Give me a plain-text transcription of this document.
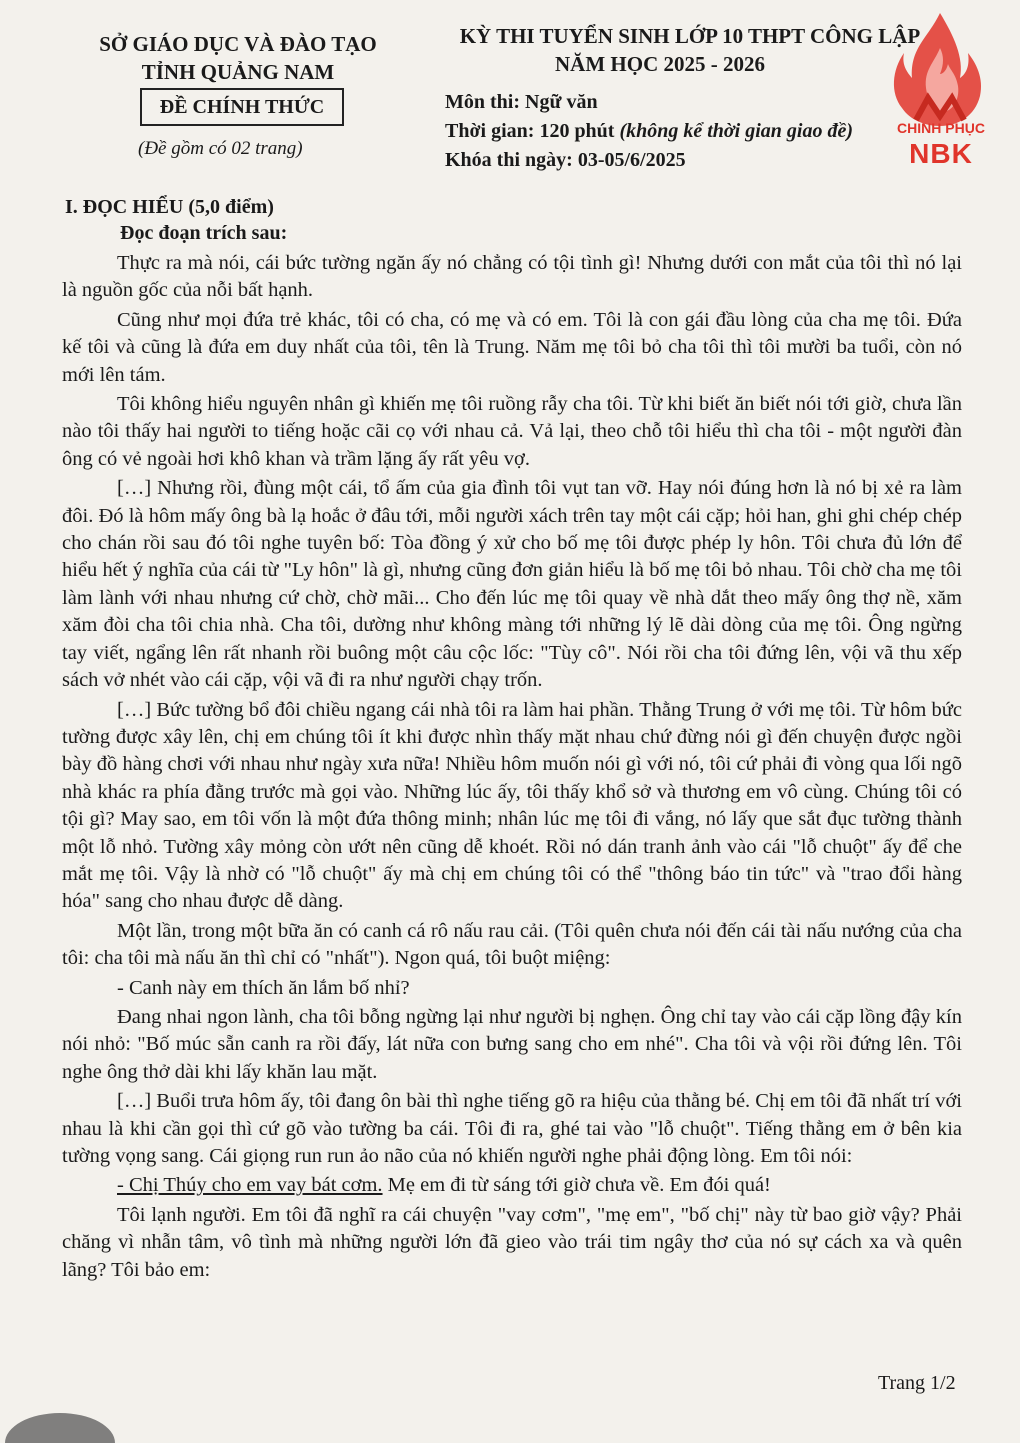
SỞ GIÁO DỤC VÀ ĐÀO TẠO
TỈNH QUẢNG NAM
ĐỀ CHÍNH THỨC
(Đề gồm có 02 trang)
KỲ THI TUYỂN SINH LỚP 10 THPT CÔNG LẬP
NĂM HỌC 2025 - 2026
Môn thi: Ngữ văn
Thời gian: 120 phút (không kể thời gian giao đề)
Khóa thi ngày: 03-05/6/2025
CHINH PHỤC
NBK
I. ĐỌC HIỂU (5,0 điểm)
Đọc đoạn trích sau:

Thực ra mà nói, cái bức tường ngăn ấy nó chẳng có tội tình gì! Nhưng dưới con mắt của tôi thì nó lại là nguồn gốc của nỗi bất hạnh.

Cũng như mọi đứa trẻ khác, tôi có cha, có mẹ và có em. Tôi là con gái đầu lòng của cha mẹ tôi. Đứa kế tôi và cũng là đứa em duy nhất của tôi, tên là Trung. Năm mẹ tôi bỏ cha tôi thì tôi mười ba tuổi, còn nó mới lên tám.

Tôi không hiểu nguyên nhân gì khiến mẹ tôi ruồng rẫy cha tôi. Từ khi biết ăn biết nói tới giờ, chưa lần nào tôi thấy hai người to tiếng hoặc cãi cọ với nhau cả. Vả lại, theo chỗ tôi hiểu thì cha tôi - một người đàn ông có vẻ ngoài hơi khô khan và trầm lặng ấy rất yêu vợ.

[…] Nhưng rồi, đùng một cái, tổ ấm của gia đình tôi vụt tan vỡ. Hay nói đúng hơn là nó bị xẻ ra làm đôi. Đó là hôm mấy ông bà lạ hoắc ở đâu tới, mỗi người xách trên tay một cái cặp; hỏi han, ghi ghi chép chép cho chán rồi sau đó tôi nghe tuyên bố: Tòa đồng ý xử cho bố mẹ tôi được phép ly hôn. Tôi chưa đủ lớn để hiểu hết ý nghĩa của cái từ "Ly hôn" là gì, nhưng cũng đơn giản hiểu là bố mẹ tôi bỏ nhau. Tôi chờ cha mẹ tôi làm lành với nhau nhưng cứ chờ, chờ mãi... Cho đến lúc mẹ tôi quay về nhà dắt theo mấy ông thợ nề, xăm xăm đòi cha tôi chia nhà. Cha tôi, dường như không màng tới những lý lẽ dài dòng của mẹ tôi. Ông ngừng tay viết, ngẩng lên rất nhanh rồi buông một câu cộc lốc: "Tùy cô". Nói rồi cha tôi đứng lên, vội vã thu xếp sách vở nhét vào cái cặp, vội vã đi ra như người chạy trốn.

[…] Bức tường bổ đôi chiều ngang cái nhà tôi ra làm hai phần. Thằng Trung ở với mẹ tôi. Từ hôm bức tường được xây lên, chị em chúng tôi ít khi được nhìn thấy mặt nhau chứ đừng nói gì đến chuyện được ngồi bày đồ hàng chơi với nhau như ngày xưa nữa! Nhiều hôm muốn nói gì với nó, tôi cứ phải đi vòng qua lối ngõ nhà khác ra phía đằng trước mà gọi vào. Những lúc ấy, tôi thấy khổ sở và thương em vô cùng. Chúng tôi có tội gì? May sao, em tôi vốn là một đứa thông minh; nhân lúc mẹ tôi đi vắng, nó lấy que sắt đục tường thành một lỗ nhỏ. Tường xây mỏng còn ướt nên cũng dễ khoét. Rồi nó dán tranh ảnh vào cái "lỗ chuột" ấy để che mắt mẹ tôi. Vậy là nhờ có "lỗ chuột" ấy mà chị em chúng tôi có thể "thông báo tin tức" và "trao đổi hàng hóa" sang cho nhau được dễ dàng.

Một lần, trong một bữa ăn có canh cá rô nấu rau cải. (Tôi quên chưa nói đến cái tài nấu nướng của cha tôi: cha tôi mà nấu ăn thì chỉ có "nhất"). Ngon quá, tôi buột miệng:

- Canh này em thích ăn lắm bố nhỉ?

Đang nhai ngon lành, cha tôi bỗng ngừng lại như người bị nghẹn. Ông chỉ tay vào cái cặp lồng đậy kín nói nhỏ: "Bố múc sẵn canh ra rồi đấy, lát nữa con bưng sang cho em nhé". Cha tôi và vội rồi đứng lên. Tôi nghe ông thở dài khi lấy khăn lau mặt.

[…] Buổi trưa hôm ấy, tôi đang ôn bài thì nghe tiếng gõ ra hiệu của thằng bé. Chị em tôi đã nhất trí với nhau là khi cần gọi thì cứ gõ vào tường ba cái. Tôi đi ra, ghé tai vào "lỗ chuột". Tiếng thằng em ở bên kia tường vọng sang. Cái giọng run run ảo não của nó khiến người nghe phải động lòng. Em tôi nói:

- Chị Thúy cho em vay bát cơm. Mẹ em đi từ sáng tới giờ chưa về. Em đói quá!

Tôi lạnh người. Em tôi đã nghĩ ra cái chuyện "vay cơm", "mẹ em", "bố chị" này từ bao giờ vậy? Phải chăng vì nhẫn tâm, vô tình mà những người lớn đã gieo vào trái tim ngây thơ của nó sự cách xa và quên lãng? Tôi bảo em:

Trang 1/2
